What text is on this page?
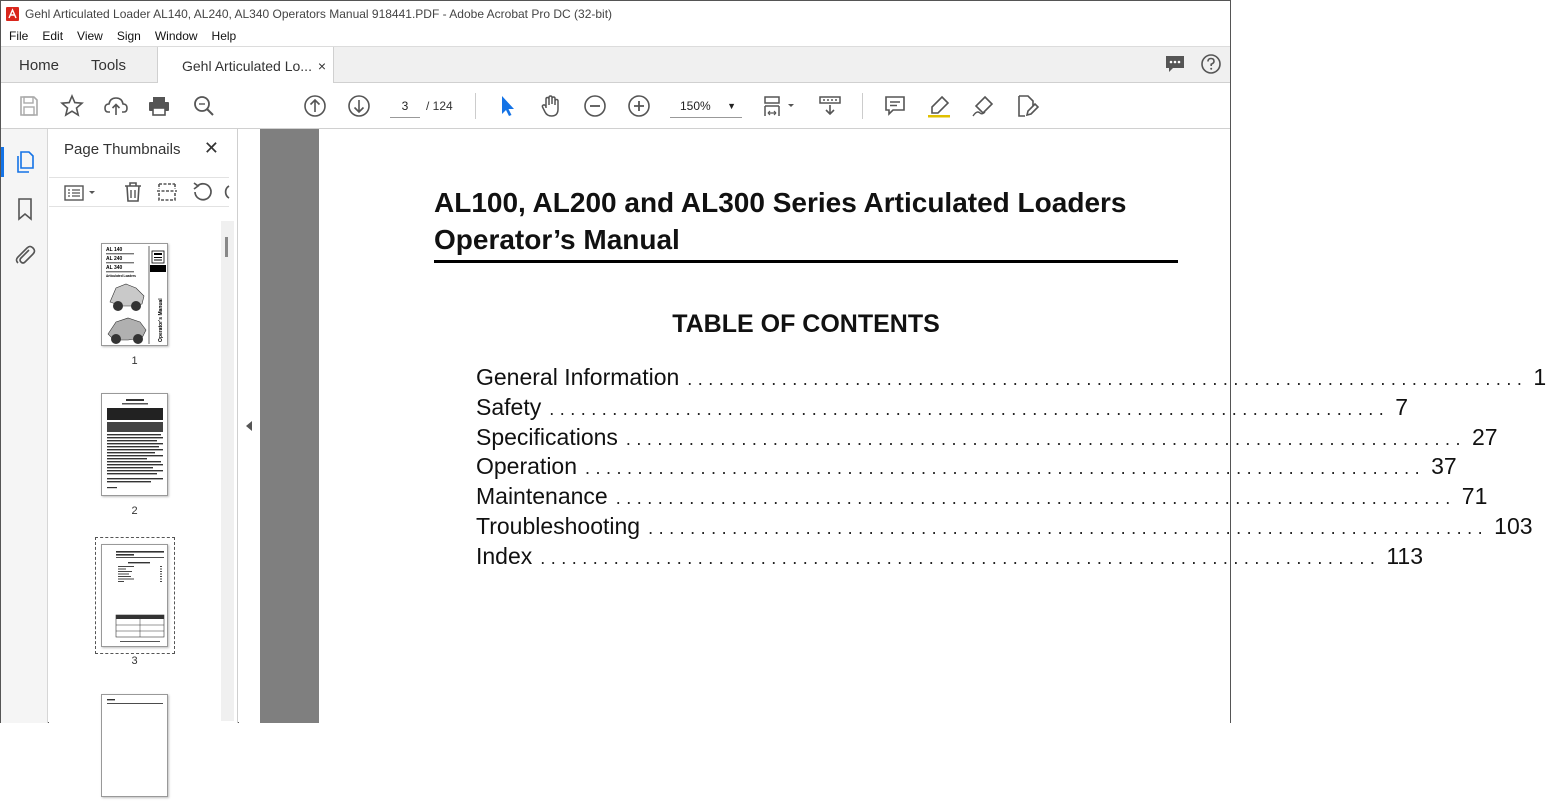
Gehl Articulated Loader AL140, AL240, AL340 Operators Manual 918441.PDF - Adobe Acrobat Pro DC (32-bit)
File	Edit	View	Sign	Window	Help
Home Tools	Gehl Articulated Lo... ×
3	/ 124	150% ▼
Page Thumbnails ✕
AL 140
AL 240
AL 340
Articulated Loaders
Operator's Manual
1
2
3
AL100, AL200 and AL300 Series Articulated Loaders
Operator’s Manual
TABLE OF CONTENTS
General Information ................................................................................ 1
Safety ................................................................................ 7
Specifications ................................................................................ 27
Operation ................................................................................ 37
Maintenance ................................................................................ 71
Troubleshooting ................................................................................ 103
Index ................................................................................ 113
